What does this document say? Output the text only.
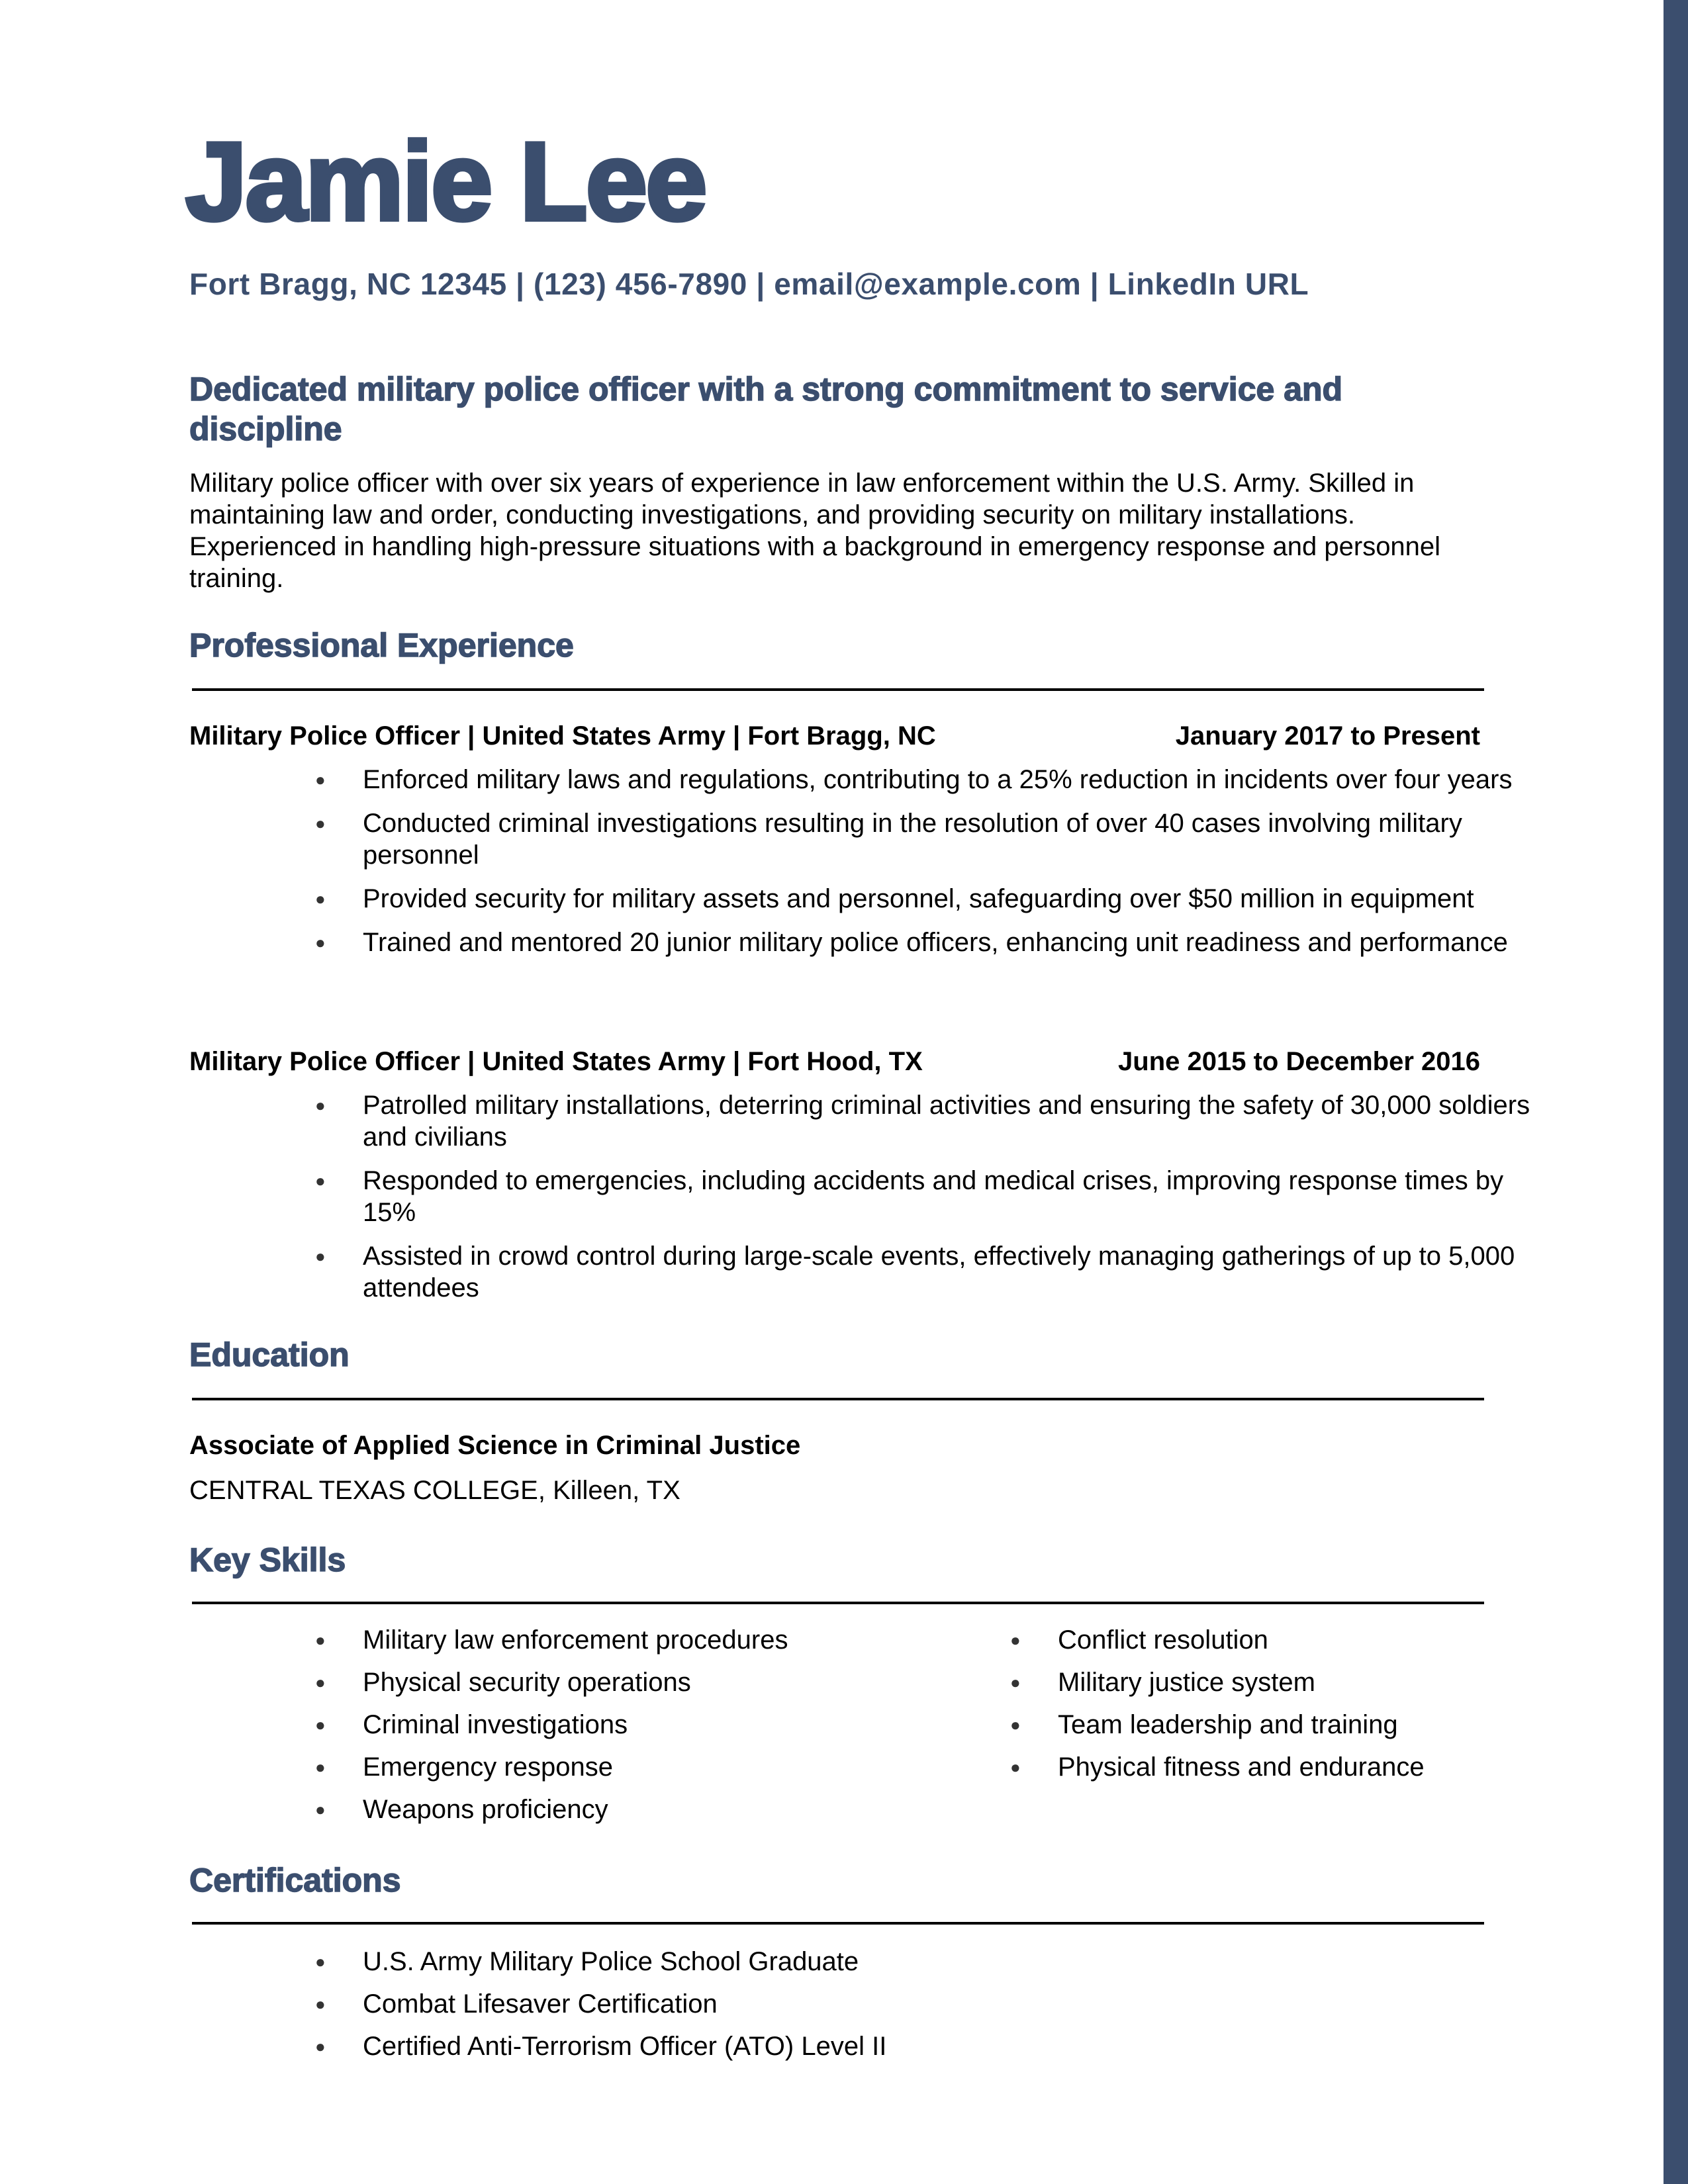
Jamie Lee
Fort Bragg, NC 12345 | (123) 456-7890 | email@example.com | LinkedIn URL
Dedicated military police officer with a strong commitment to service and discipline
Military police officer with over six years of experience in law enforcement within the U.S. Army. Skilled in maintaining law and order, conducting investigations, and providing security on military installations. Experienced in handling high-pressure situations with a background in emergency response and personnel training.
Professional Experience
Military Police Officer | United States Army | Fort Bragg, NC	January 2017 to Present
● Enforced military laws and regulations, contributing to a 25% reduction in incidents over four years
● Conducted criminal investigations resulting in the resolution of over 40 cases involving military personnel
● Provided security for military assets and personnel, safeguarding over $50 million in equipment
● Trained and mentored 20 junior military police officers, enhancing unit readiness and performance
Military Police Officer | United States Army | Fort Hood, TX	June 2015 to December 2016
● Patrolled military installations, deterring criminal activities and ensuring the safety of 30,000 soldiers and civilians
● Responded to emergencies, including accidents and medical crises, improving response times by 15%
● Assisted in crowd control during large-scale events, effectively managing gatherings of up to 5,000 attendees
Education
Associate of Applied Science in Criminal Justice
CENTRAL TEXAS COLLEGE, Killeen, TX
Key Skills
● Military law enforcement procedures
● Physical security operations
● Criminal investigations
● Emergency response
● Weapons proficiency
● Conflict resolution
● Military justice system
● Team leadership and training
● Physical fitness and endurance
Certifications
● U.S. Army Military Police School Graduate
● Combat Lifesaver Certification
● Certified Anti-Terrorism Officer (ATO) Level II
